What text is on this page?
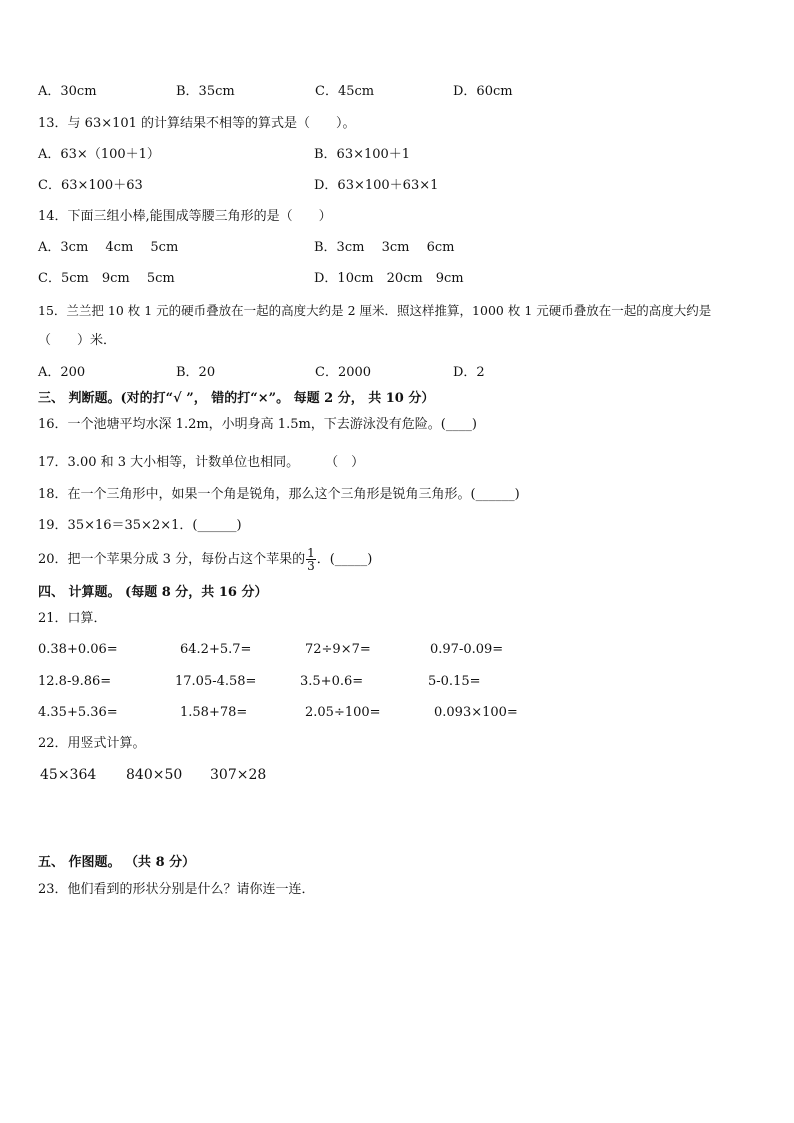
A．30cm	B．35cm	C．45cm	D．60cm
13．与 63×101 的计算结果不相等的算式是（　　）。
A．63×（100＋1）	B．63×100＋1
C．63×100＋63	D．63×100＋63×1
14．下面三组小棒,能围成等腰三角形的是（　　）
A．3cm　 4cm　 5cm	B．3cm　 3cm　 6cm
C．5cm　9cm　 5cm	D．10cm　20cm　9cm
15．兰兰把 10 枚 1 元的硬币叠放在一起的高度大约是 2 厘米．照这样推算，1000 枚 1 元硬币叠放在一起的高度大约是
（　　）米．
A．200	B．20	C．2000	D．2
三、 判断题。(对的打“√ ”， 错的打“×”。 每题 2 分， 共 10 分）
16．一个池塘平均水深 1.2m，小明身高 1.5m，下去游泳没有危险。(____)
17．3.00 和 3 大小相等，计数单位也相同。　　　（　）
18．在一个三角形中，如果一个角是锐角，那么这个三角形是锐角三角形。(______)
19．35×16＝35×2×1．(______)
20．把一个苹果分成 3 分，每份占这个苹果的 $\frac{1}{3}$ ．(_____)
四、 计算题。 (每题 8 分，共 16 分）
21．口算．
0.38+0.06=	64.2+5.7=	72÷9×7=	0.97-0.09=
12.8-9.86=	17.05-4.58=	3.5+0.6=	5-0.15=
4.35+5.36=	1.58+78=	2.05÷100=	0.093×100=
22．用竖式计算。
45×364 840×50 307×28
五、 作图题。 （共 8 分）
23．他们看到的形状分别是什么？请你连一连．
